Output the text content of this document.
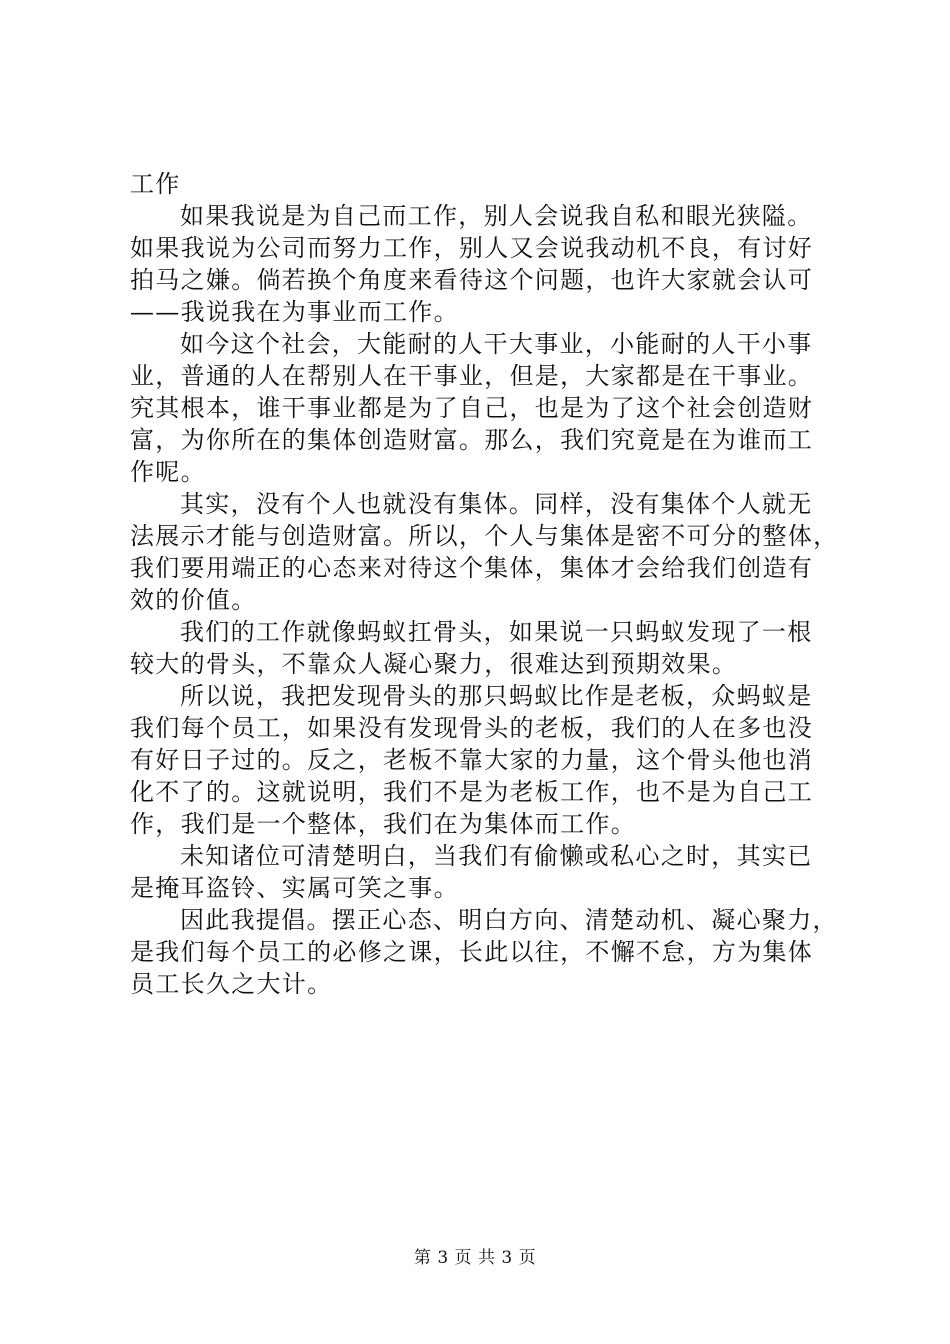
工作
如果我说是为自己而工作，别人会说我自私和眼光狭隘。
如果我说为公司而努力工作，别人又会说我动机不良，有讨好
拍马之嫌。倘若换个角度来看待这个问题，也许大家就会认可
——我说我在为事业而工作。
如今这个社会，大能耐的人干大事业，小能耐的人干小事
业，普通的人在帮别人在干事业，但是，大家都是在干事业。
究其根本，谁干事业都是为了自己，也是为了这个社会创造财
富，为你所在的集体创造财富。那么，我们究竟是在为谁而工
作呢。
其实，没有个人也就没有集体。同样，没有集体个人就无
法展示才能与创造财富。所以，个人与集体是密不可分的整体，
我们要用端正的心态来对待这个集体，集体才会给我们创造有
效的价值。
我们的工作就像蚂蚁扛骨头，如果说一只蚂蚁发现了一根
较大的骨头，不靠众人凝心聚力，很难达到预期效果。
所以说，我把发现骨头的那只蚂蚁比作是老板，众蚂蚁是
我们每个员工，如果没有发现骨头的老板，我们的人在多也没
有好日子过的。反之，老板不靠大家的力量，这个骨头他也消
化不了的。这就说明，我们不是为老板工作，也不是为自己工
作，我们是一个整体，我们在为集体而工作。
未知诸位可清楚明白，当我们有偷懒或私心之时，其实已
是掩耳盗铃、实属可笑之事。
因此我提倡。摆正心态、明白方向、清楚动机、凝心聚力，
是我们每个员工的必修之课，长此以往，不懈不怠，方为集体
员工长久之大计。
第 3 页 共 3 页
